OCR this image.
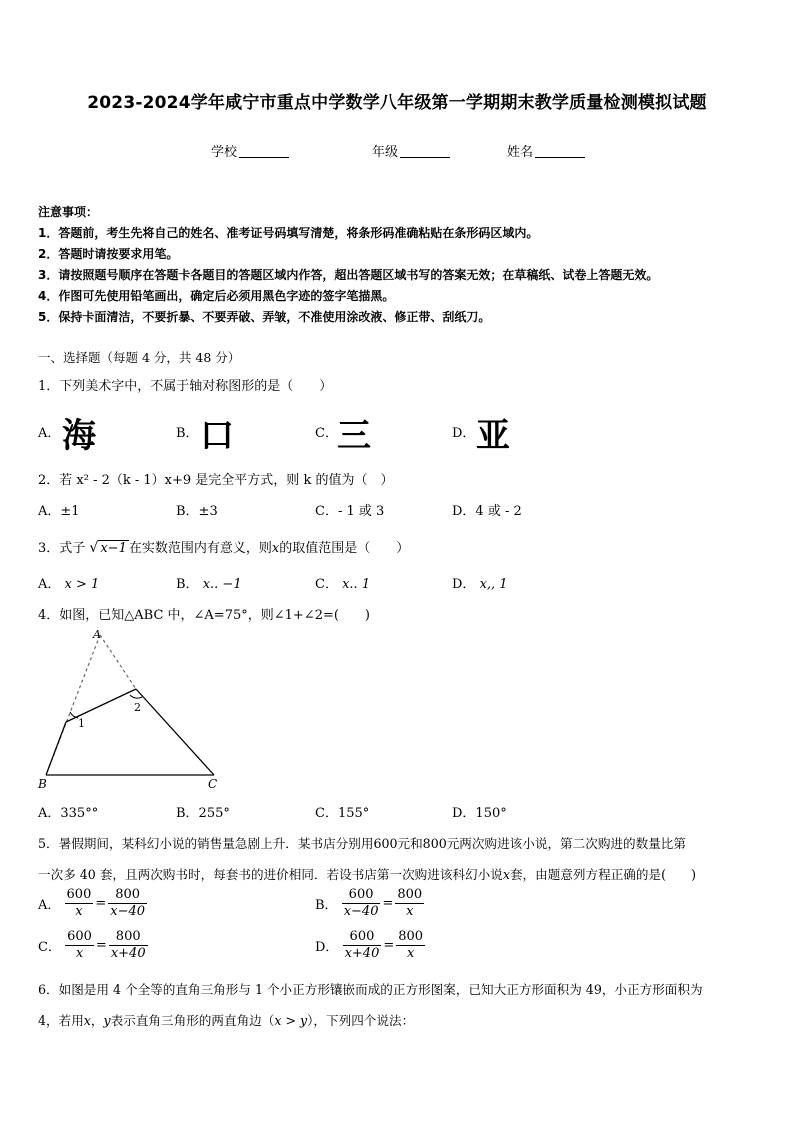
2023-2024学年咸宁市重点中学数学八年级第一学期期末教学质量检测模拟试题
学校	年级	姓名
注意事项：
1．答题前，考生先将自己的姓名、准考证号码填写清楚，将条形码准确粘贴在条形码区域内。
2．答题时请按要求用笔。
3．请按照题号顺序在答题卡各题目的答题区域内作答，超出答题区域书写的答案无效；在草稿纸、试卷上答题无效。
4．作图可先使用铅笔画出，确定后必须用黑色字迹的签字笔描黑。
5．保持卡面清洁，不要折暴、不要弄破、弄皱，不准使用涂改液、修正带、刮纸刀。
一、选择题（每题 4 分，共 48 分）
1．下列美术字中，不属于轴对称图形的是（　　）
A． 海	B． 口	C． 三	D． 亚
2．若 x² - 2（k - 1）x+9 是完全平方式，则 k 的值为（　）
A．±1	B．±3	C．- 1 或 3	D．4 或 - 2
3．式子 √ x−1 在实数范围内有意义，则x的取值范围是（　　）
A． x > 1	B． x.. −1	C． x.. 1	D． x,, 1
4．如图，已知△ABC 中，∠A=75°，则∠1+∠2=(　　)
A
B	C
1
2
A．335°°	B．255°	C．155°	D．150°
5．暑假期间，某科幻小说的销售量急剧上升．某书店分别用600元和800元两次购进该小说，第二次购进的数量比第
一次多 40 套，且两次购书时，每套书的进价相同．若设书店第一次购进该科幻小说x套，由题意列方程正确的是(　　)
A． $\frac{600}{x} = \frac{800}{x-40}$	B． $\frac{600}{x-40} = \frac{800}{x}$
C． $\frac{600}{x} = \frac{800}{x+40}$	D． $\frac{600}{x+40} = \frac{800}{x}$
6．如图是用 4 个全等的直角三角形与 1 个小正方形镶嵌而成的正方形图案，已知大正方形面积为 49，小正方形面积为
4，若用x，y表示直角三角形的两直角边（x > y），下列四个说法：
